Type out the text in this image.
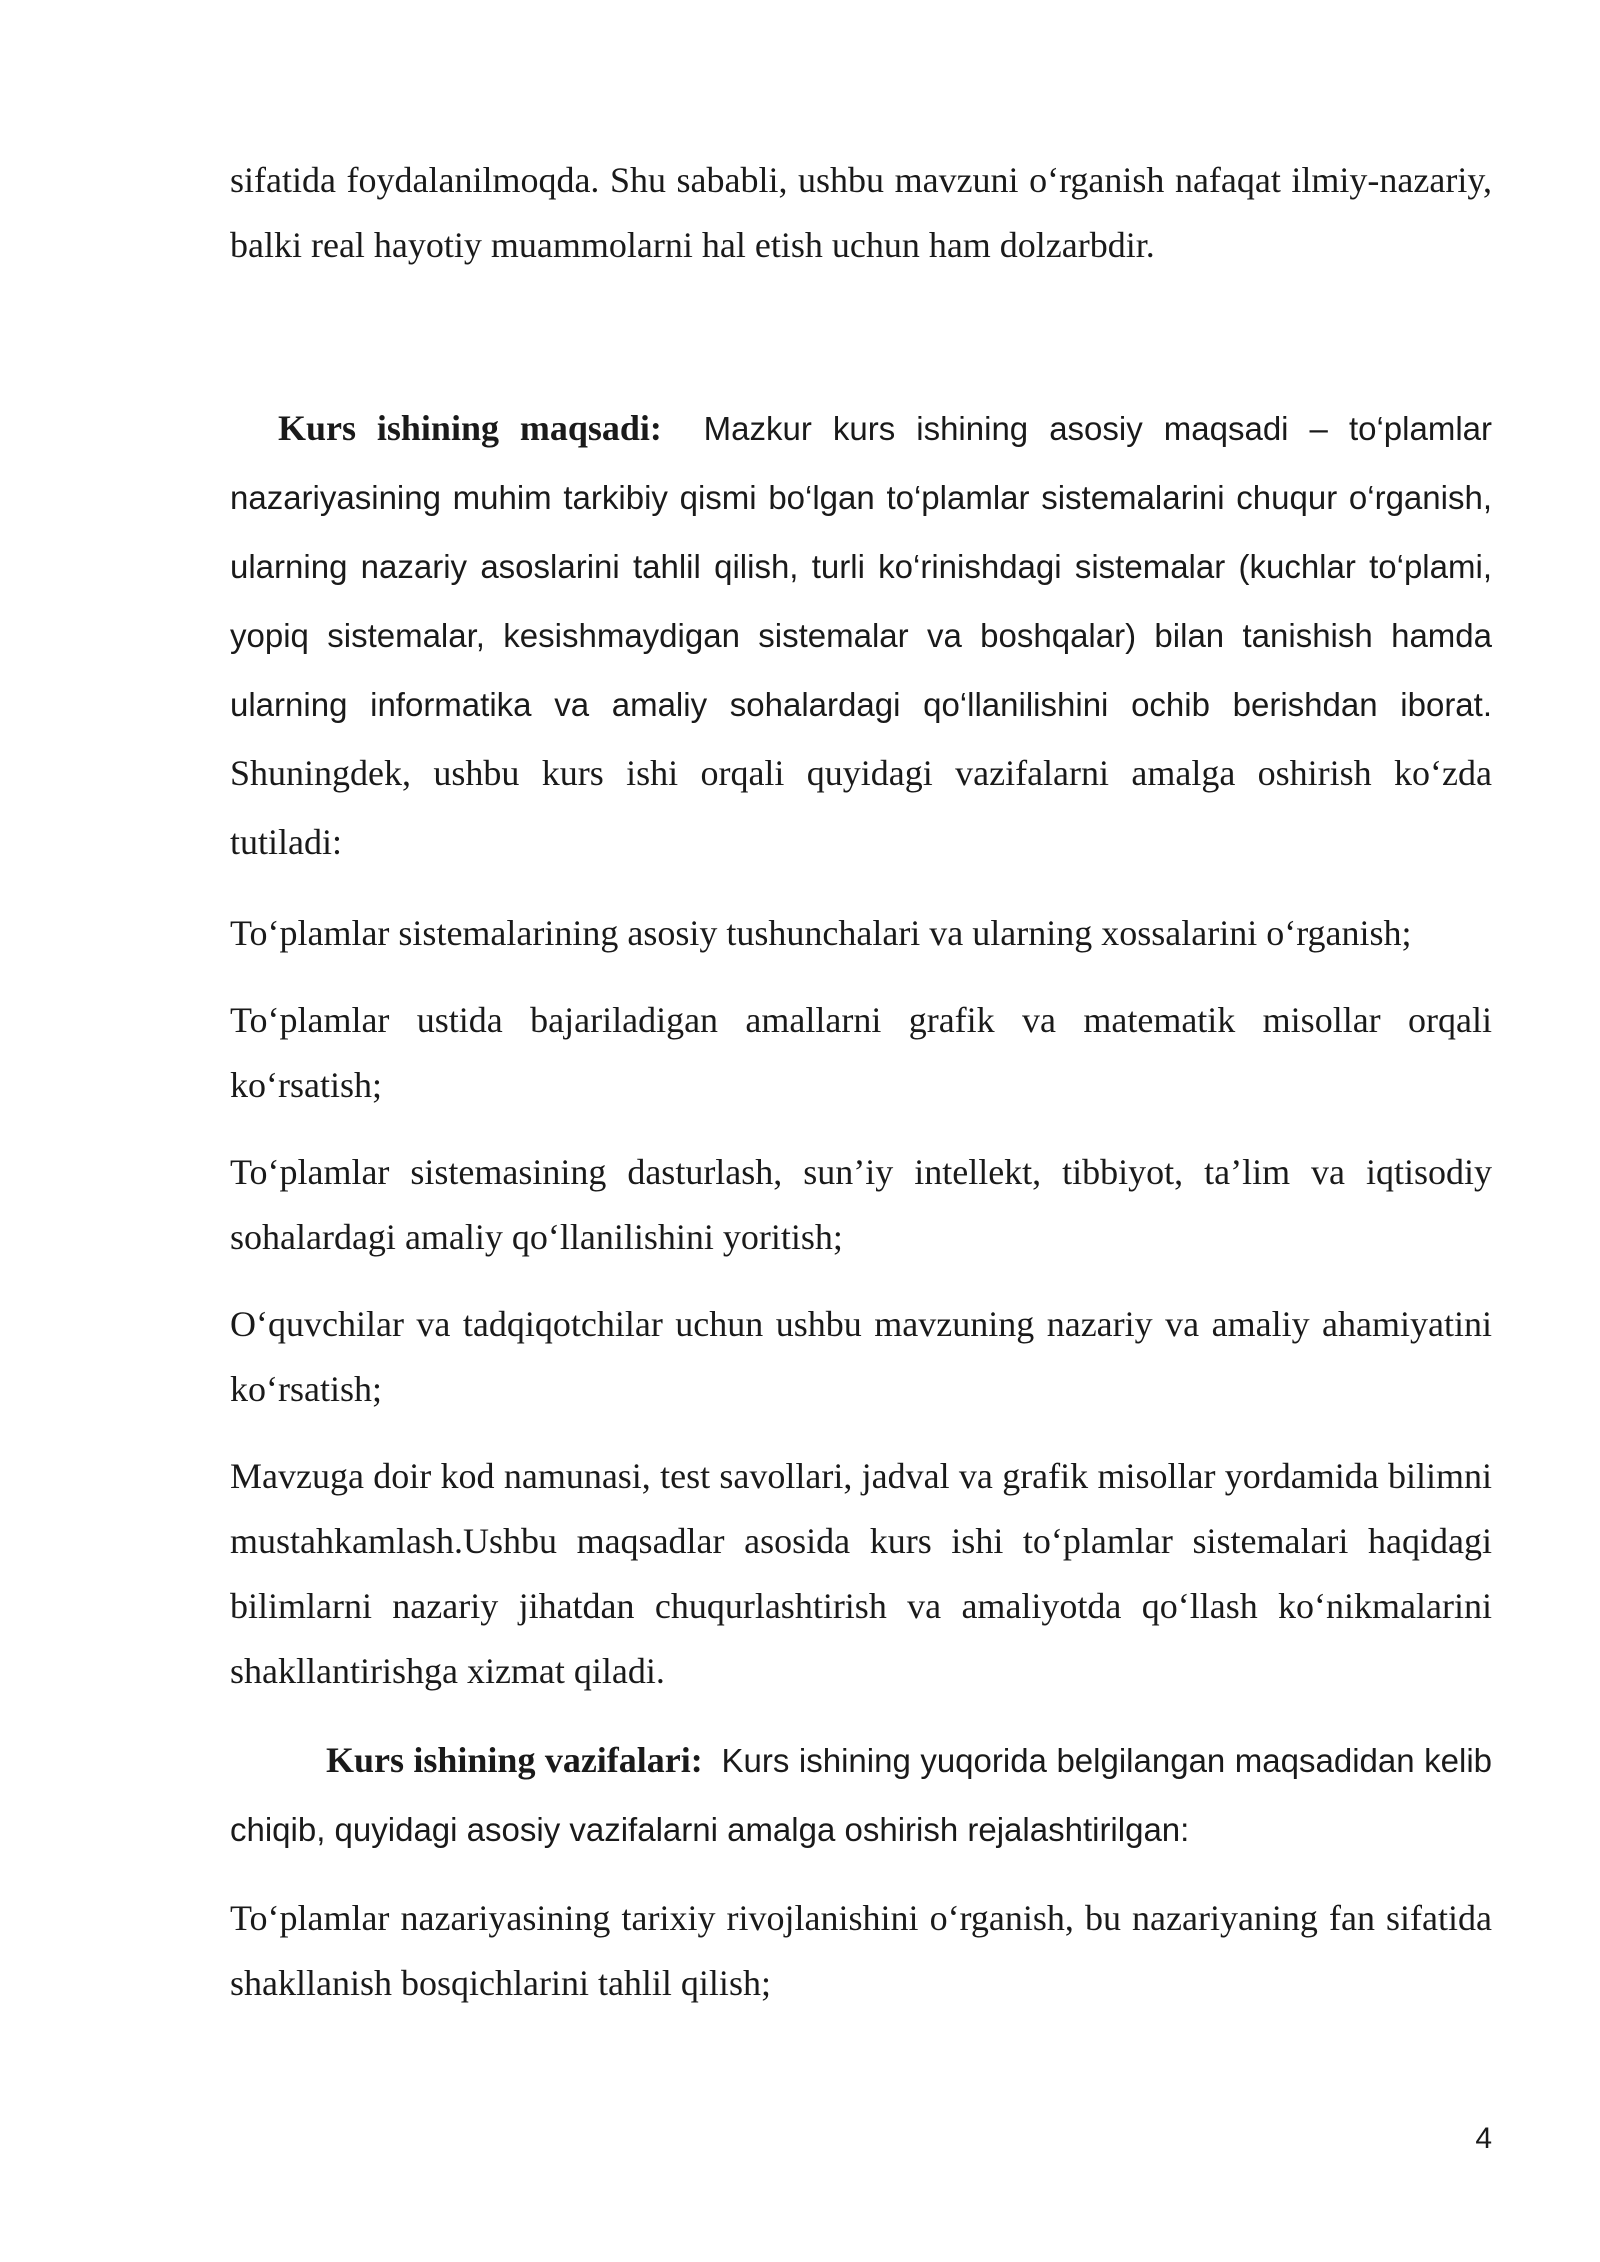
sifatida foydalanilmoqda. Shu sababli, ushbu mavzuni o‘rganish nafaqat ilmiy-nazariy, balki real hayotiy muammolarni hal etish uchun ham dolzarbdir.

Kurs ishining maqsadi: Mazkur kurs ishining asosiy maqsadi – to‘plamlar nazariyasining muhim tarkibiy qismi bo‘lgan to‘plamlar sistemalarini chuqur o‘rganish, ularning nazariy asoslarini tahlil qilish, turli ko‘rinishdagi sistemalar (kuchlar to‘plami, yopiq sistemalar, kesishmaydigan sistemalar va boshqalar) bilan tanishish hamda ularning informatika va amaliy sohalardagi qo‘llanilishini ochib berishdan iborat. Shuningdek, ushbu kurs ishi orqali quyidagi vazifalarni amalga oshirish ko‘zda tutiladi:

To‘plamlar sistemalarining asosiy tushunchalari va ularning xossalarini o‘rganish;

To‘plamlar ustida bajariladigan amallarni grafik va matematik misollar orqali ko‘rsatish;

To‘plamlar sistemasining dasturlash, sun’iy intellekt, tibbiyot, ta’lim va iqtisodiy sohalardagi amaliy qo‘llanilishini yoritish;

O‘quvchilar va tadqiqotchilar uchun ushbu mavzuning nazariy va amaliy ahamiyatini ko‘rsatish;

Mavzuga doir kod namunasi, test savollari, jadval va grafik misollar yordamida bilimni mustahkamlash.Ushbu maqsadlar asosida kurs ishi to‘plamlar sistemalari haqidagi bilimlarni nazariy jihatdan chuqurlashtirish va amaliyotda qo‘llash ko‘nikmalarini shakllantirishga xizmat qiladi.

Kurs ishining vazifalari: Kurs ishining yuqorida belgilangan maqsadidan kelib chiqib, quyidagi asosiy vazifalarni amalga oshirish rejalashtirilgan:

To‘plamlar nazariyasining tarixiy rivojlanishini o‘rganish, bu nazariyaning fan sifatida shakllanish bosqichlarini tahlil qilish;

4
